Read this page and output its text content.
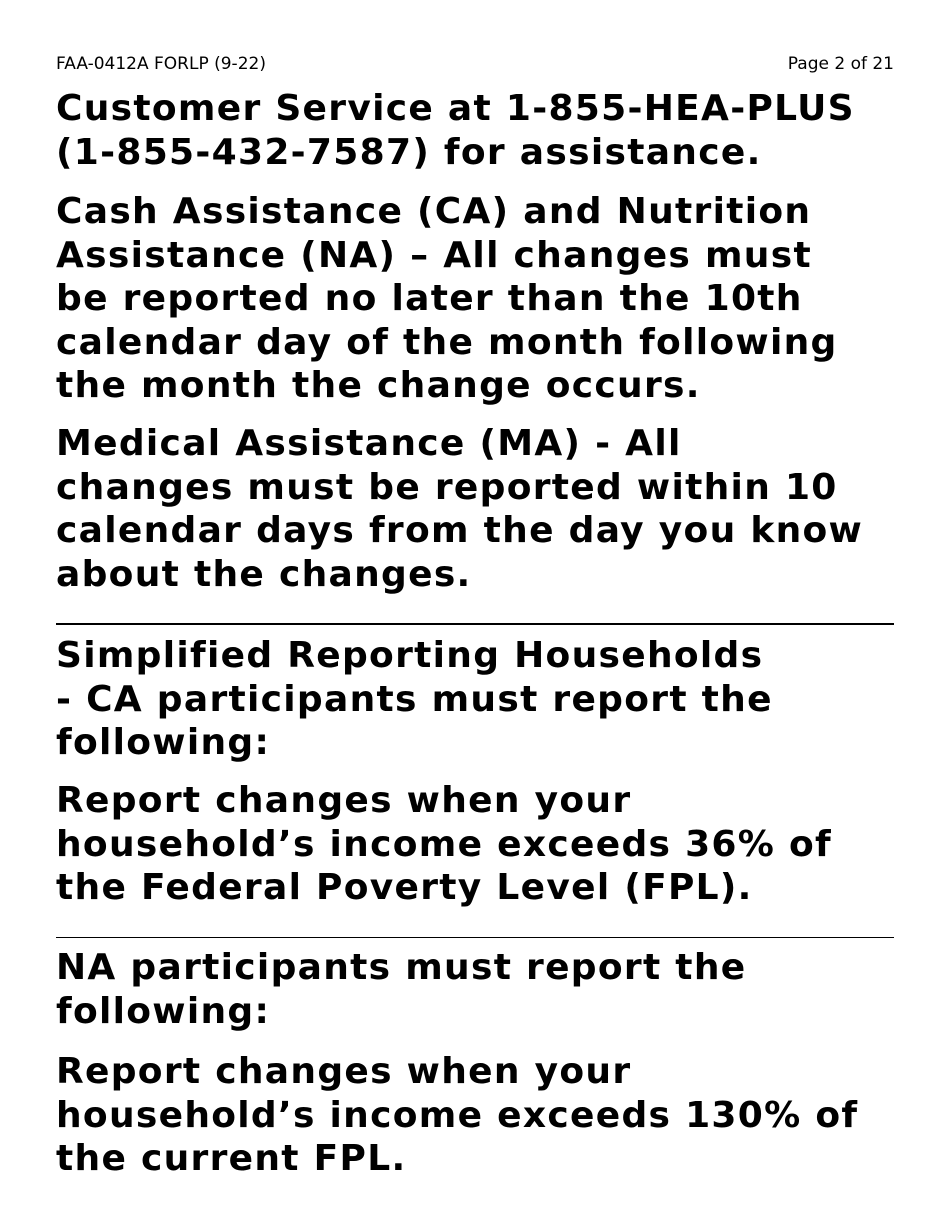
FAA-0412A FORLP (9-22)	Page 2 of 21

Customer Service at 1-855-HEA-PLUS
(1-855-432-7587) for assistance.

Cash Assistance (CA) and Nutrition
Assistance (NA) – All changes must
be reported no later than the 10th
calendar day of the month following
the month the change occurs.

Medical Assistance (MA) - All
changes must be reported within 10
calendar days from the day you know
about the changes.

Simplified Reporting Households
- CA participants must report the
following:

Report changes when your
household’s income exceeds 36% of
the Federal Poverty Level (FPL).

NA participants must report the
following:

Report changes when your
household’s income exceeds 130% of
the current FPL.
